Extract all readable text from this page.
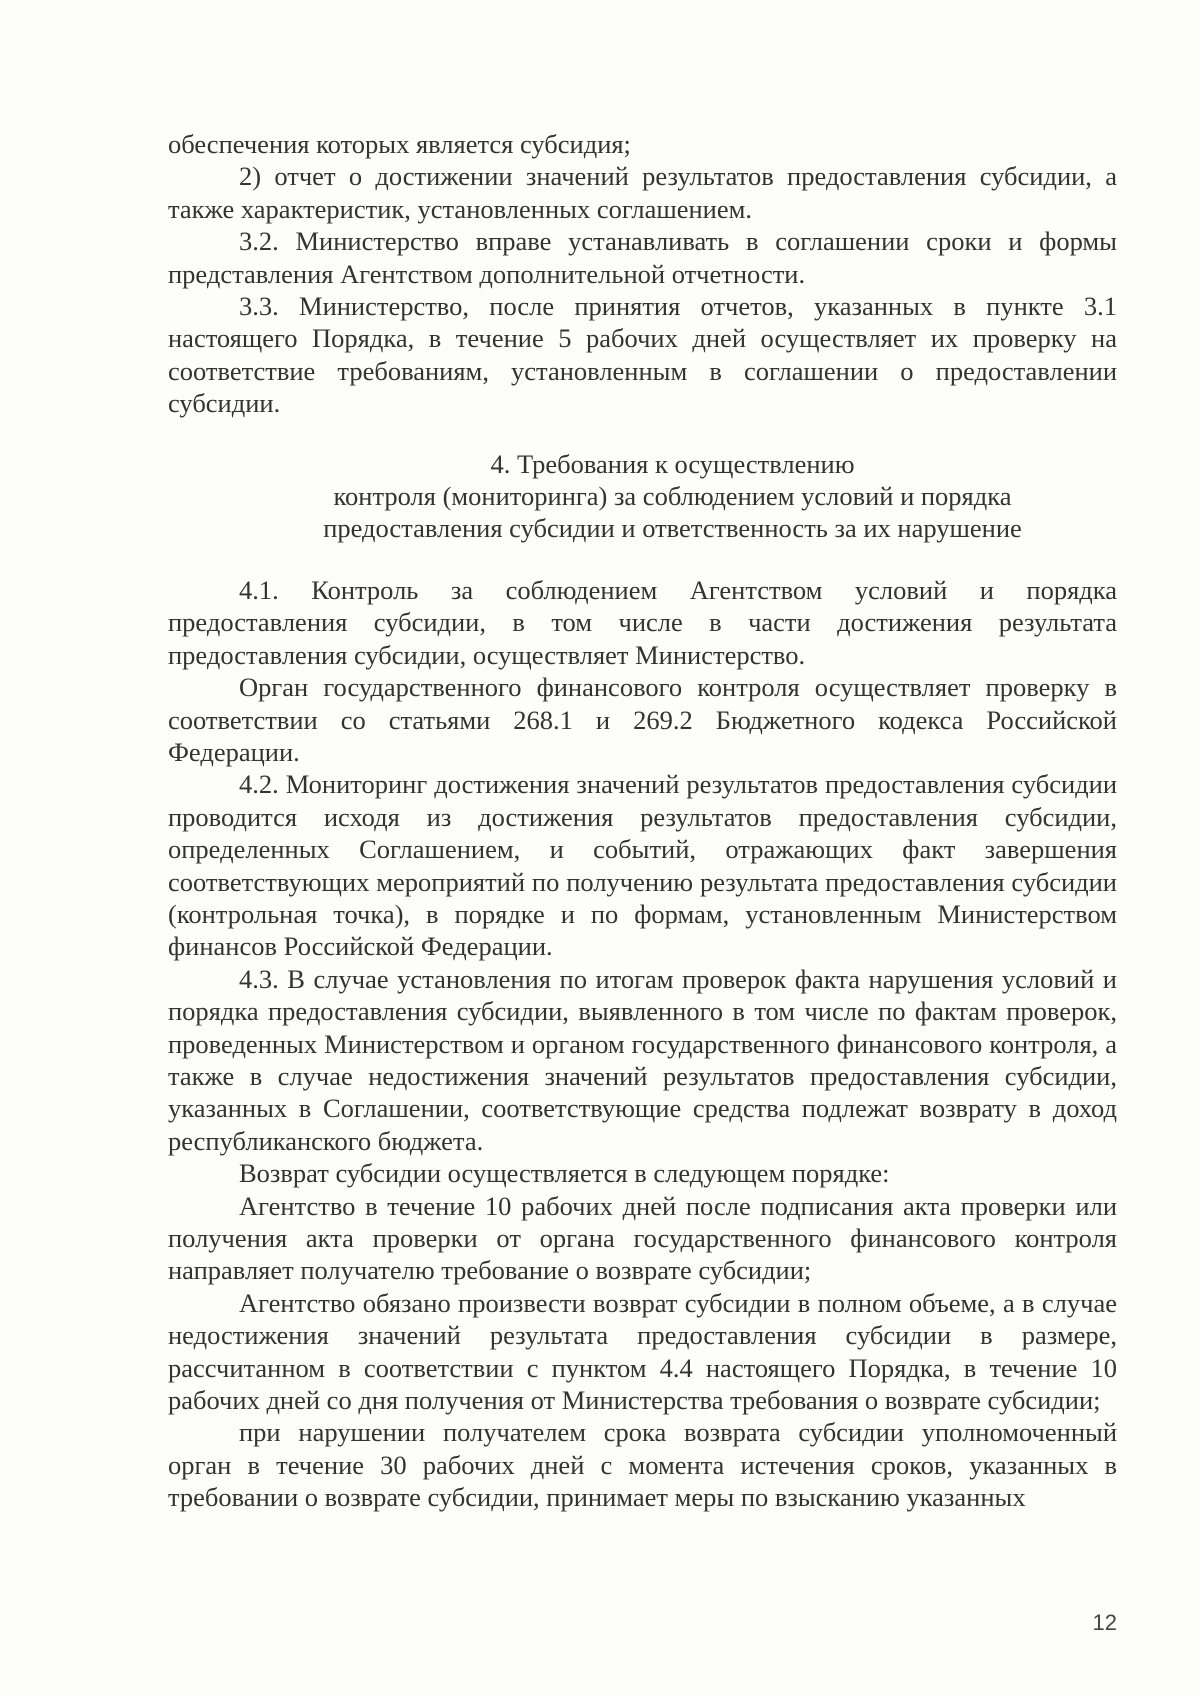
обеспечения которых является субсидия;

2) отчет о достижении значений результатов предоставления субсидии, а также характеристик, установленных соглашением.

3.2. Министерство вправе устанавливать в соглашении сроки и формы представления Агентством дополнительной отчетности.

3.3. Министерство, после принятия отчетов, указанных в пункте 3.1 настоящего Порядка, в течение 5 рабочих дней осуществляет их проверку на соответствие требованиям, установленным в соглашении о предоставлении субсидии.

4. Требования к осуществлению
контроля (мониторинга) за соблюдением условий и порядка
предоставления субсидии и ответственность за их нарушение

4.1. Контроль за соблюдением Агентством условий и порядка предоставления субсидии, в том числе в части достижения результата предоставления субсидии, осуществляет Министерство.

Орган государственного финансового контроля осуществляет проверку в соответствии со статьями 268.1 и 269.2 Бюджетного кодекса Российской Федерации.

4.2. Мониторинг достижения значений результатов предоставления субсидии проводится исходя из достижения результатов предоставления субсидии, определенных Соглашением, и событий, отражающих факт завершения соответствующих мероприятий по получению результата предоставления субсидии (контрольная точка), в порядке и по формам, установленным Министерством финансов Российской Федерации.

4.3. В случае установления по итогам проверок факта нарушения условий и порядка предоставления субсидии, выявленного в том числе по фактам проверок, проведенных Министерством и органом государственного финансового контроля, а также в случае недостижения значений результатов предоставления субсидии, указанных в Соглашении, соответствующие средства подлежат возврату в доход республиканского бюджета.

Возврат субсидии осуществляется в следующем порядке:

Агентство в течение 10 рабочих дней после подписания акта проверки или получения акта проверки от органа государственного финансового контроля направляет получателю требование о возврате субсидии;

Агентство обязано произвести возврат субсидии в полном объеме, а в случае недостижения значений результата предоставления субсидии в размере, рассчитанном в соответствии с пунктом 4.4 настоящего Порядка, в течение 10 рабочих дней со дня получения от Министерства требования о возврате субсидии;

при нарушении получателем срока возврата субсидии уполномоченный орган в течение 30 рабочих дней с момента истечения сроков, указанных в требовании о возврате субсидии, принимает меры по взысканию указанных

12
